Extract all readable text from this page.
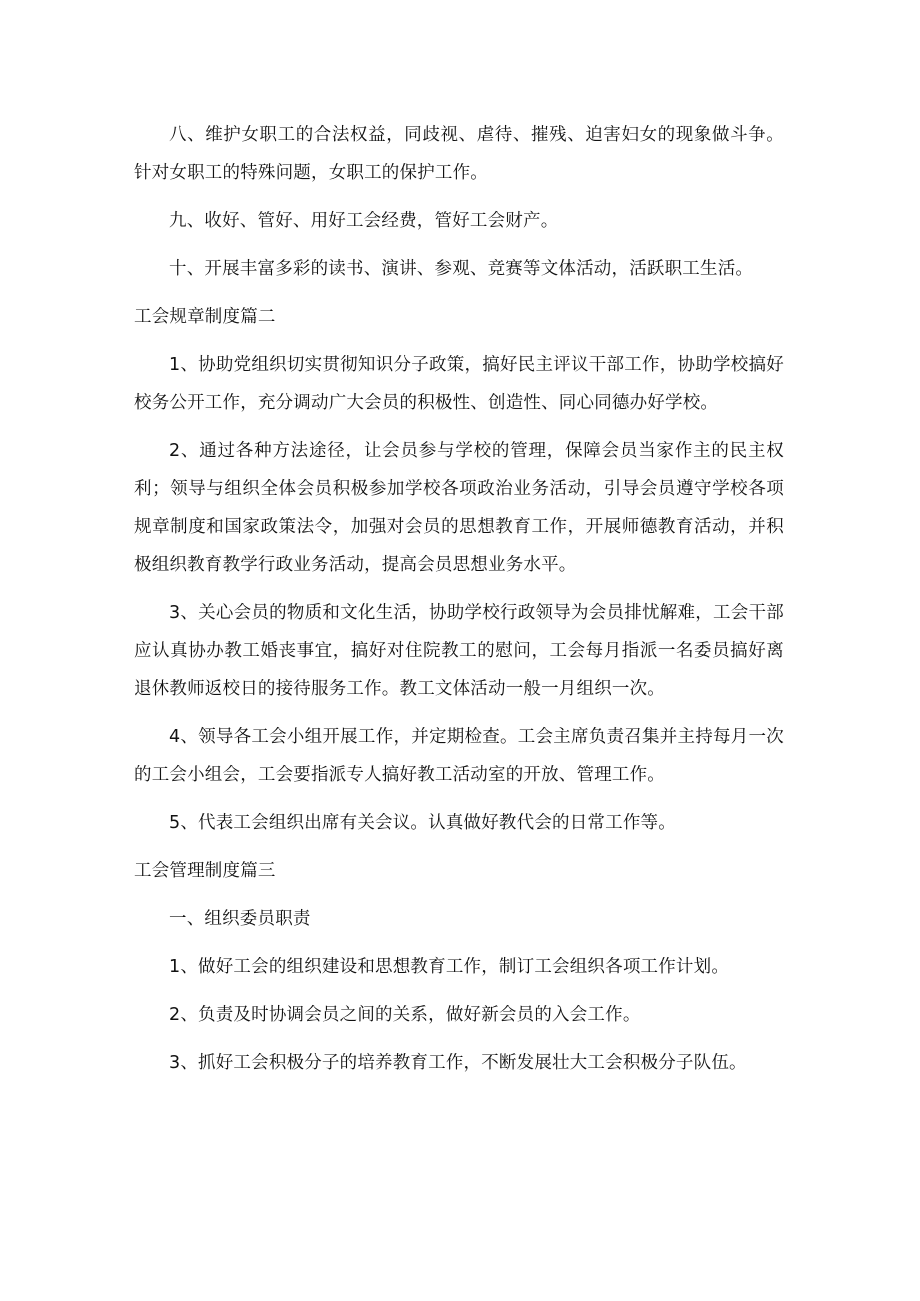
八、维护女职工的合法权益，同歧视、虐待、摧残、迫害妇女的现象做斗争。针对女职工的特殊问题，女职工的保护工作。

九、收好、管好、用好工会经费，管好工会财产。

十、开展丰富多彩的读书、演讲、参观、竞赛等文体活动，活跃职工生活。

工会规章制度篇二

1、协助党组织切实贯彻知识分子政策，搞好民主评议干部工作，协助学校搞好校务公开工作，充分调动广大会员的积极性、创造性、同心同德办好学校。

2、通过各种方法途径，让会员参与学校的管理，保障会员当家作主的民主权利；领导与组织全体会员积极参加学校各项政治业务活动，引导会员遵守学校各项规章制度和国家政策法令，加强对会员的思想教育工作，开展师德教育活动，并积极组织教育教学行政业务活动，提高会员思想业务水平。

3、关心会员的物质和文化生活，协助学校行政领导为会员排忧解难，工会干部应认真协办教工婚丧事宜，搞好对住院教工的慰问，工会每月指派一名委员搞好离退休教师返校日的接待服务工作。教工文体活动一般一月组织一次。

4、领导各工会小组开展工作，并定期检查。工会主席负责召集并主持每月一次的工会小组会，工会要指派专人搞好教工活动室的开放、管理工作。

5、代表工会组织出席有关会议。认真做好教代会的日常工作等。

工会管理制度篇三

一、组织委员职责

1、做好工会的组织建设和思想教育工作，制订工会组织各项工作计划。

2、负责及时协调会员之间的关系，做好新会员的入会工作。

3、抓好工会积极分子的培养教育工作，不断发展壮大工会积极分子队伍。
